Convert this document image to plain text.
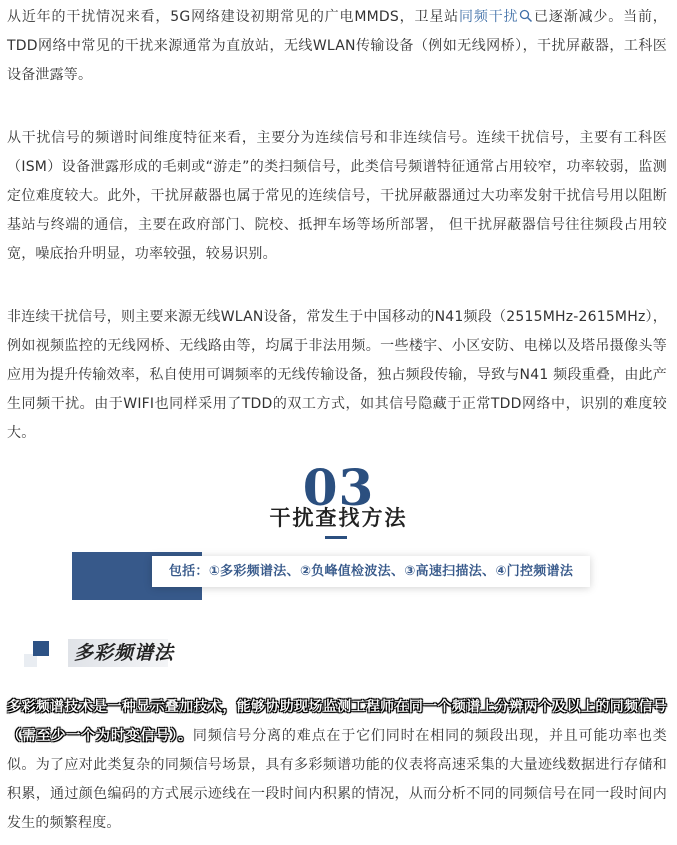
从近年的干扰情况来看，5G网络建设初期常见的广电MMDS，卫星站同频干扰 已逐渐减少。当前，TDD网络中常见的干扰来源通常为直放站，无线WLAN传输设备（例如无线网桥），干扰屏蔽器，工科医设备泄露等。

从干扰信号的频谱时间维度特征来看，主要分为连续信号和非连续信号。连续干扰信号，主要有工科医（ISM）设备泄露形成的毛刺或“游走”的类扫频信号，此类信号频谱特征通常占用较窄，功率较弱，监测定位难度较大。此外，干扰屏蔽器也属于常见的连续信号，干扰屏蔽器通过大功率发射干扰信号用以阻断基站与终端的通信，主要在政府部门、院校、抵押车场等场所部署， 但干扰屏蔽器信号往往频段占用较宽，噪底抬升明显，功率较强，较易识别。

非连续干扰信号，则主要来源无线WLAN设备，常发生于中国移动的N41频段（2515MHz-2615MHz），例如视频监控的无线网桥、无线路由等，均属于非法用频。一些楼宇、小区安防、电梯以及塔吊摄像头等应用为提升传输效率，私自使用可调频率的无线传输设备，独占频段传输，导致与N41 频段重叠，由此产生同频干扰。由于WIFI也同样采用了TDD的双工方式，如其信号隐藏于正常TDD网络中，识别的难度较大。

03
干扰查找方法
包括：①多彩频谱法、②负峰值检波法、③高速扫描法、④门控频谱法
多彩频谱法

多彩频谱技术是一种显示叠加技术，能够协助现场监测工程师在同一个频谱上分辨两个及以上的同频信号（需至少一个为时变信号）。同频信号分离的难点在于它们同时在相同的频段出现，并且可能功率也类似。为了应对此类复杂的同频信号场景，具有多彩频谱功能的仪表将高速采集的大量迹线数据进行存储和积累，通过颜色编码的方式展示迹线在一段时间内积累的情况，从而分析不同的同频信号在同一段时间内发生的频繁程度。
